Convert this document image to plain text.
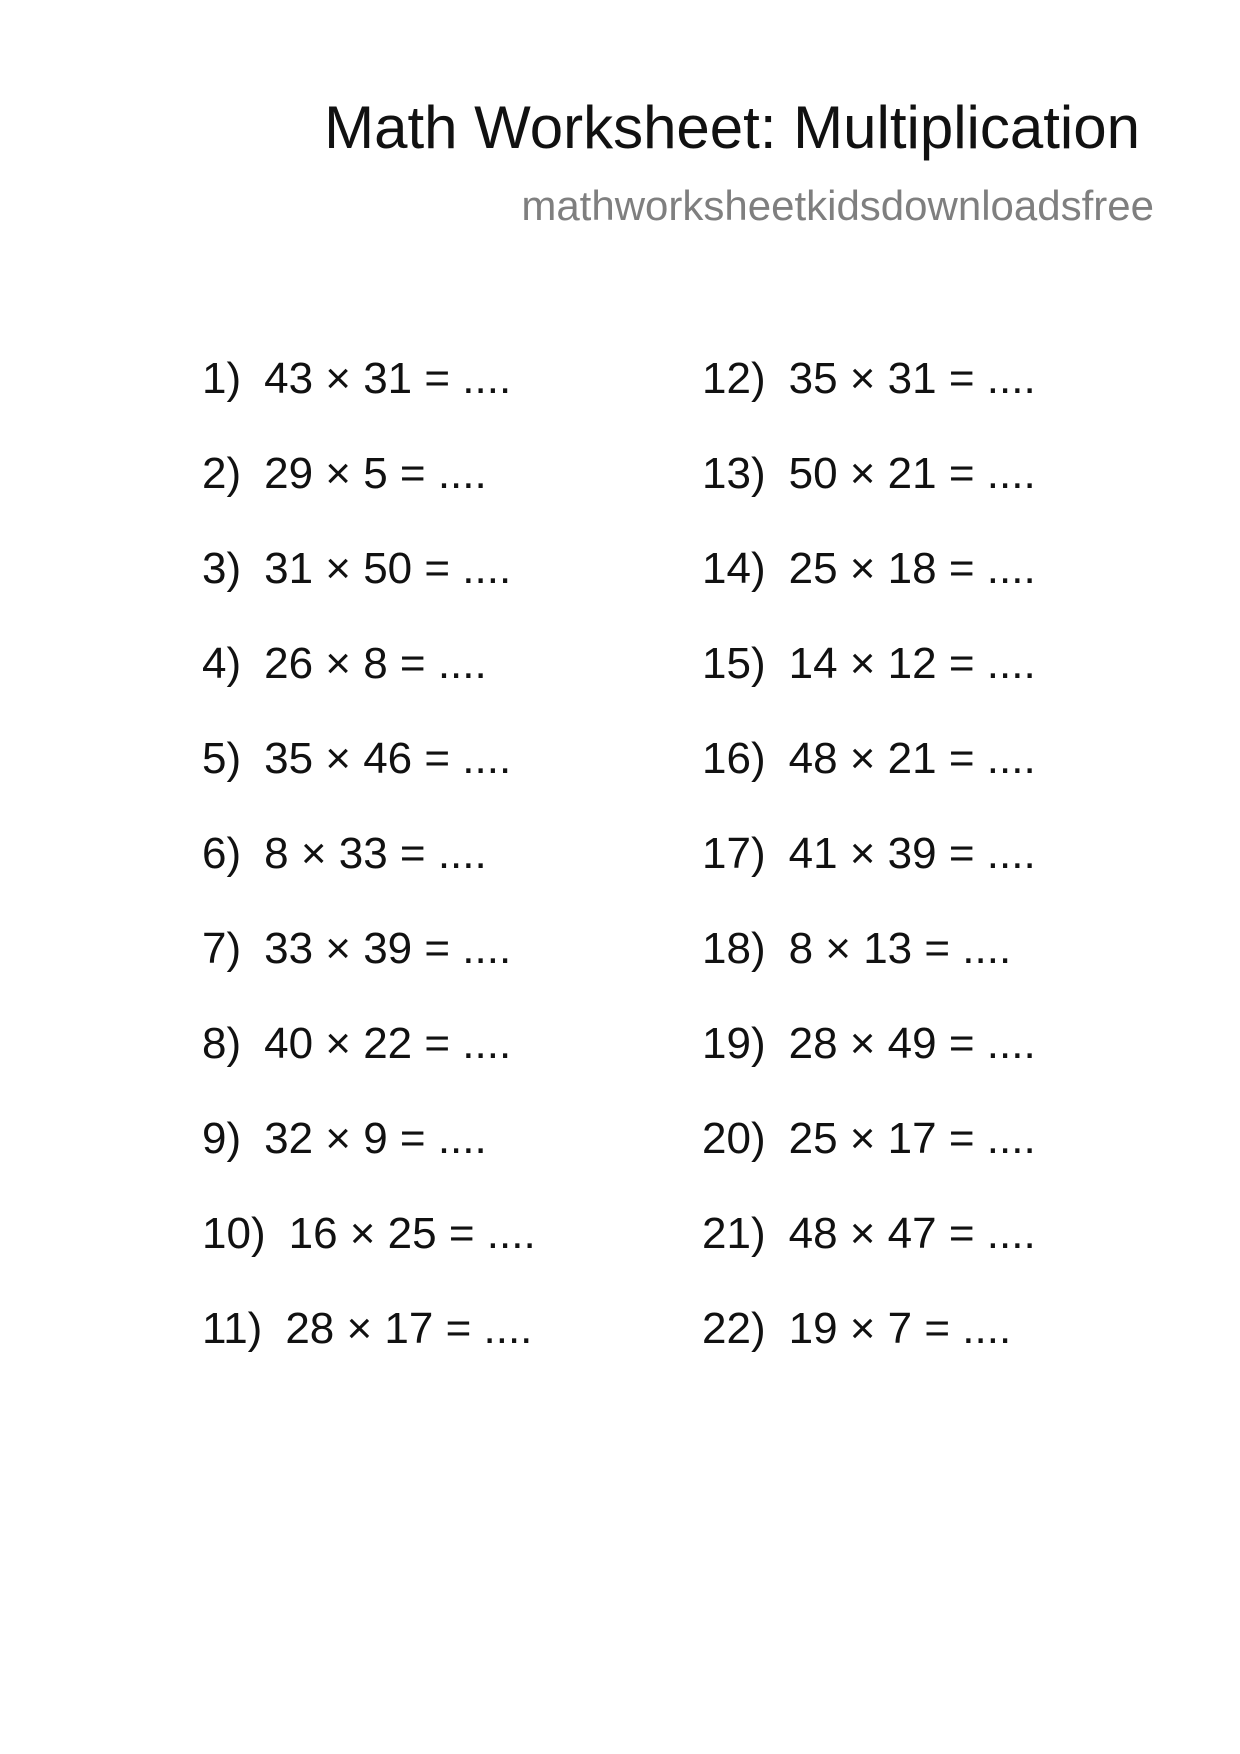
Math Worksheet: Multiplication
mathworksheetkidsdownloadsfree
1) 43 × 31 = ....
2) 29 × 5 = ....
3) 31 × 50 = ....
4) 26 × 8 = ....
5) 35 × 46 = ....
6) 8 × 33 = ....
7) 33 × 39 = ....
8) 40 × 22 = ....
9) 32 × 9 = ....
10) 16 × 25 = ....
11) 28 × 17 = ....
12) 35 × 31 = ....
13) 50 × 21 = ....
14) 25 × 18 = ....
15) 14 × 12 = ....
16) 48 × 21 = ....
17) 41 × 39 = ....
18) 8 × 13 = ....
19) 28 × 49 = ....
20) 25 × 17 = ....
21) 48 × 47 = ....
22) 19 × 7 = ....
